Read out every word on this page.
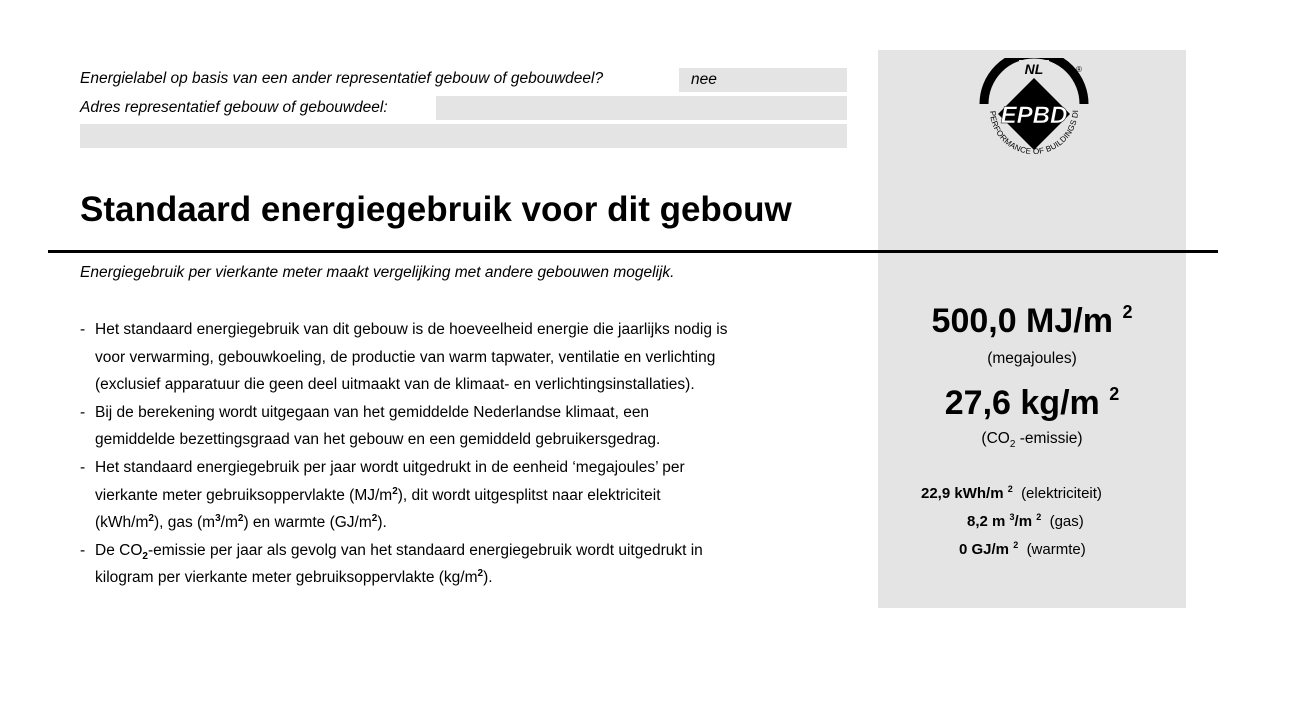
Energielabel op basis van een ander representatief gebouw of gebouwdeel?	nee
Adres representatief gebouw of gebouwdeel:
Standaard energiegebruik voor dit gebouw
Energiegebruik per vierkante meter maakt vergelijking met andere gebouwen mogelijk.
- Het standaard energiegebruik van dit gebouw is de hoeveelheid energie die jaarlijks nodig is
voor verwarming, gebouwkoeling, de productie van warm tapwater, ventilatie en verlichting
(exclusief apparatuur die geen deel uitmaakt van de klimaat- en verlichtingsinstallaties).
- Bij de berekening wordt uitgegaan van het gemiddelde Nederlandse klimaat, een
gemiddelde bezettingsgraad van het gebouw en een gemiddeld gebruikersgedrag.
- Het standaard energiegebruik per jaar wordt uitgedrukt in de eenheid ‘megajoules’ per
vierkante meter gebruiksoppervlakte $(MJ/m^2)$, dit wordt uitgesplitst naar elektriciteit
$(kWh/m^2)$, gas $(m^3/m^2)$ en warmte $(GJ/m^2)$.
- De $CO_2$-emissie per jaar als gevolg van het standaard energiegebruik wordt uitgedrukt in
kilogram per vierkante meter gebruiksoppervlakte $(kg/m^2)$.
NL	®
EPBD
PERFORMANCE OF BUILDINGS DI
500,0 MJ/m $^2$
(megajoules)
27,6 kg/m $^2$
($CO_2$ -emissie)
22,9 kWh/m $^2$ (elektriciteit)
8,2 m $^3$/m $^2$ (gas)
0 GJ/m $^2$ (warmte)
